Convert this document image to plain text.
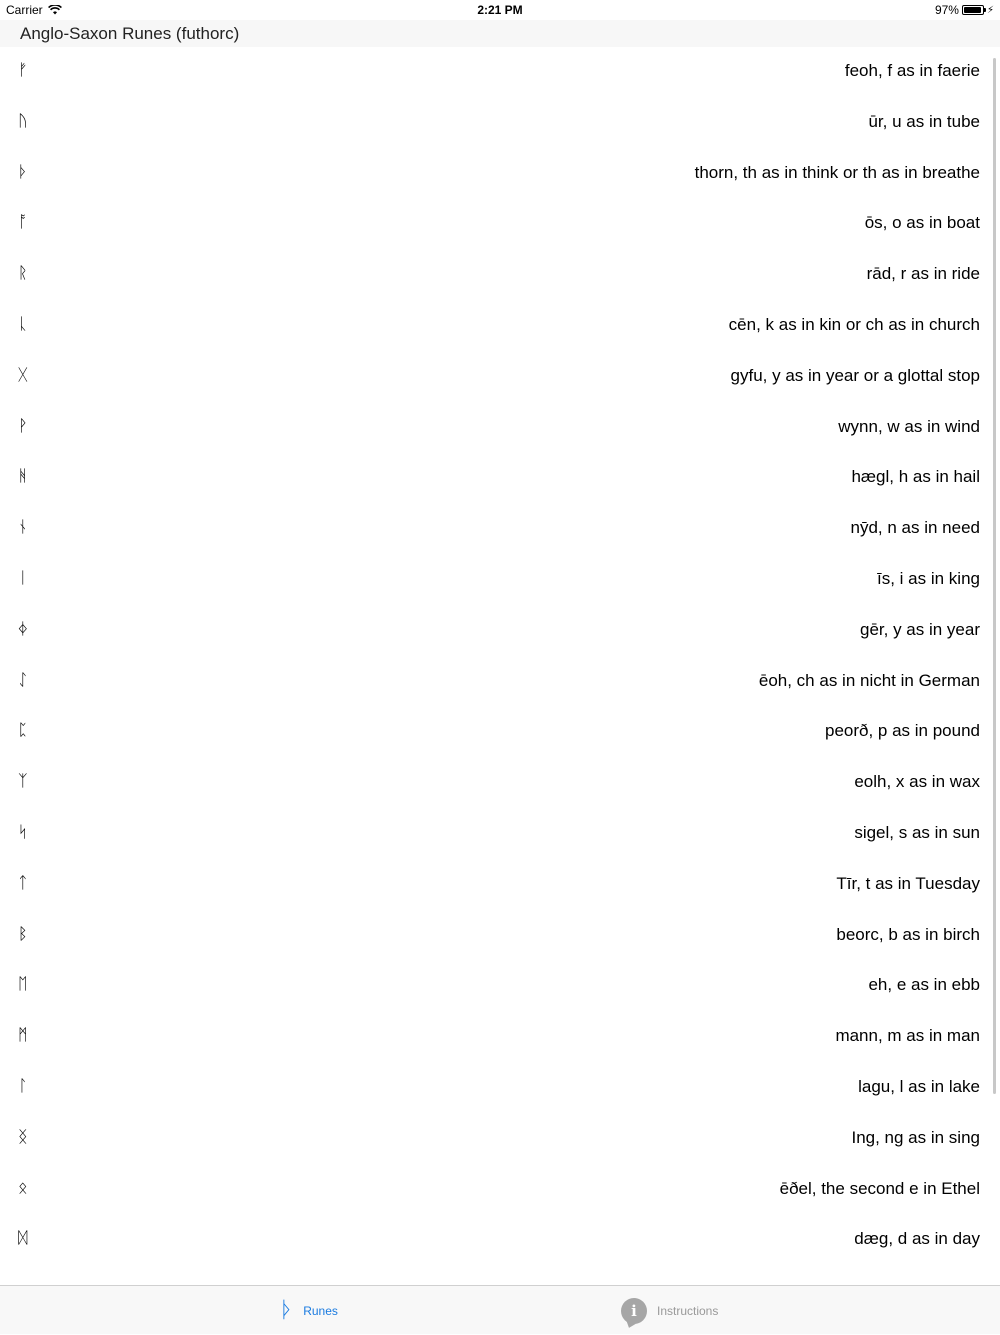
Carrier	2:21 PM	97%	⚡
Anglo-Saxon Runes (futhorc)
ᚠ	feoh, f as in faerie
ᚢ	ūr, u as in tube
ᚦ	thorn, th as in think or th as in breathe
ᚩ	ōs, o as in boat
ᚱ	rād, r as in ride
ᚳ	cēn, k as in kin or ch as in church
ᚷ	gyfu, y as in year or a glottal stop
ᚹ	wynn, w as in wind
ᚻ	hægl, h as in hail
ᚾ	nȳd, n as in need
ᛁ	īs, i as in king
ᛄ	gēr, y as in year
ᛇ	ēoh, ch as in nicht in German
ᛈ	peorð, p as in pound
ᛉ	eolh, x as in wax
ᛋ	sigel, s as in sun
ᛏ	Tīr, t as in Tuesday
ᛒ	beorc, b as in birch
ᛖ	eh, e as in ebb
ᛗ	mann, m as in man
ᛚ	lagu, l as in lake
ᛝ	Ing, ng as in sing
ᛟ	ēðel, the second e in Ethel
ᛞ	dæg, d as in day
ᚦ Runes	i	Instructions
